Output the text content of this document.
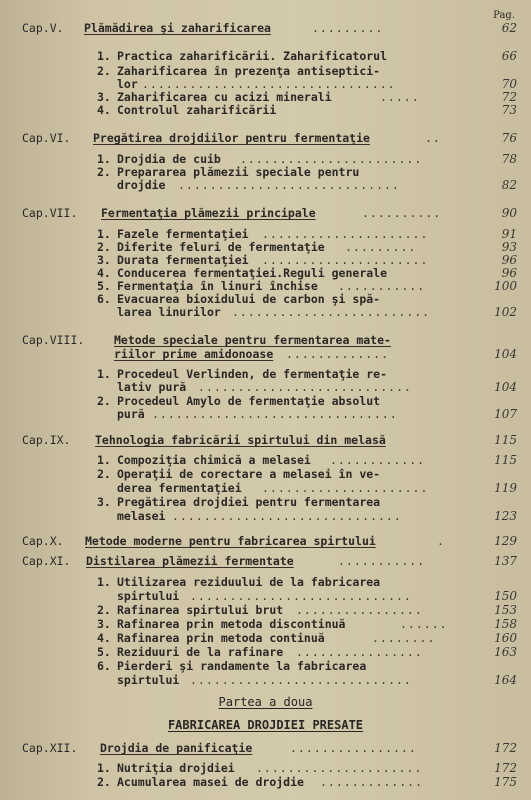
Pag.
Cap.V. Plămădirea şi zaharificarea	.........	62
1. Practica zaharificării. Zaharificatorul	66
2. Zaharificarea în prezenţa antiseptici-
lor ................................	70
3. Zaharificarea cu acizi minerali	.....	72
4. Controlul zaharificării	73
Cap.VI. Pregătirea drojdiilor pentru fermentaţie	..	76
1. Drojdia de cuib .......................	78
2. Prepararea plămezii speciale pentru
drojdie ............................	82
Cap.VII. Fermentaţia plămezii principale	..........	90
1. Fazele fermentaţiei .....................	91
2. Diferite feluri de fermentaţie .........	93
3. Durata fermentaţiei .....................	96
4. Conducerea fermentaţiei.Reguli generale	96
5. Fermentaţia în linuri închise ...........	100
6. Evacuarea bioxidului de carbon şi spă-
larea linurilor .........................	102
Cap.VIII.	Metode speciale pentru fermentarea mate-
riilor prime amidonoase .............	104
1. Procedeul Verlinden, de fermentaţie re-
lativ pură ...........................	104
2. Procedeul Amylo de fermentaţie absolut
pură ...............................	107
Cap.IX. Tehnologia fabricării spirtului din melasă	115
1. Compoziţia chimică a melasei ............	115
2. Operaţii de corectare a melasei în ve-
derea fermentaţiei .....................	119
3. Pregătirea drojdiei pentru fermentarea
melasei .............................	123
Cap.X. Metode moderne pentru fabricarea spirtului	.	129
Cap.XI. Distilarea plămezii fermentate	...........	137
1. Utilizarea reziduului de la fabricarea
spirtului ............................	150
2. Rafinarea spirtului brut ................	153
3. Rafinarea prin metoda discontinuă	......	158
4. Rafinarea prin metoda continuă	........	160
5. Reziduuri de la rafinare ................	163
6. Pierderi şi randamente la fabricarea
spirtului ............................	164
Partea a doua
FABRICAREA DROJDIEI PRESATE
Cap.XII. Drojdia de panificaţie	................	172
1. Nutriţia drojdiei .....................	172
2. Acumularea masei de drojdie .............	175
